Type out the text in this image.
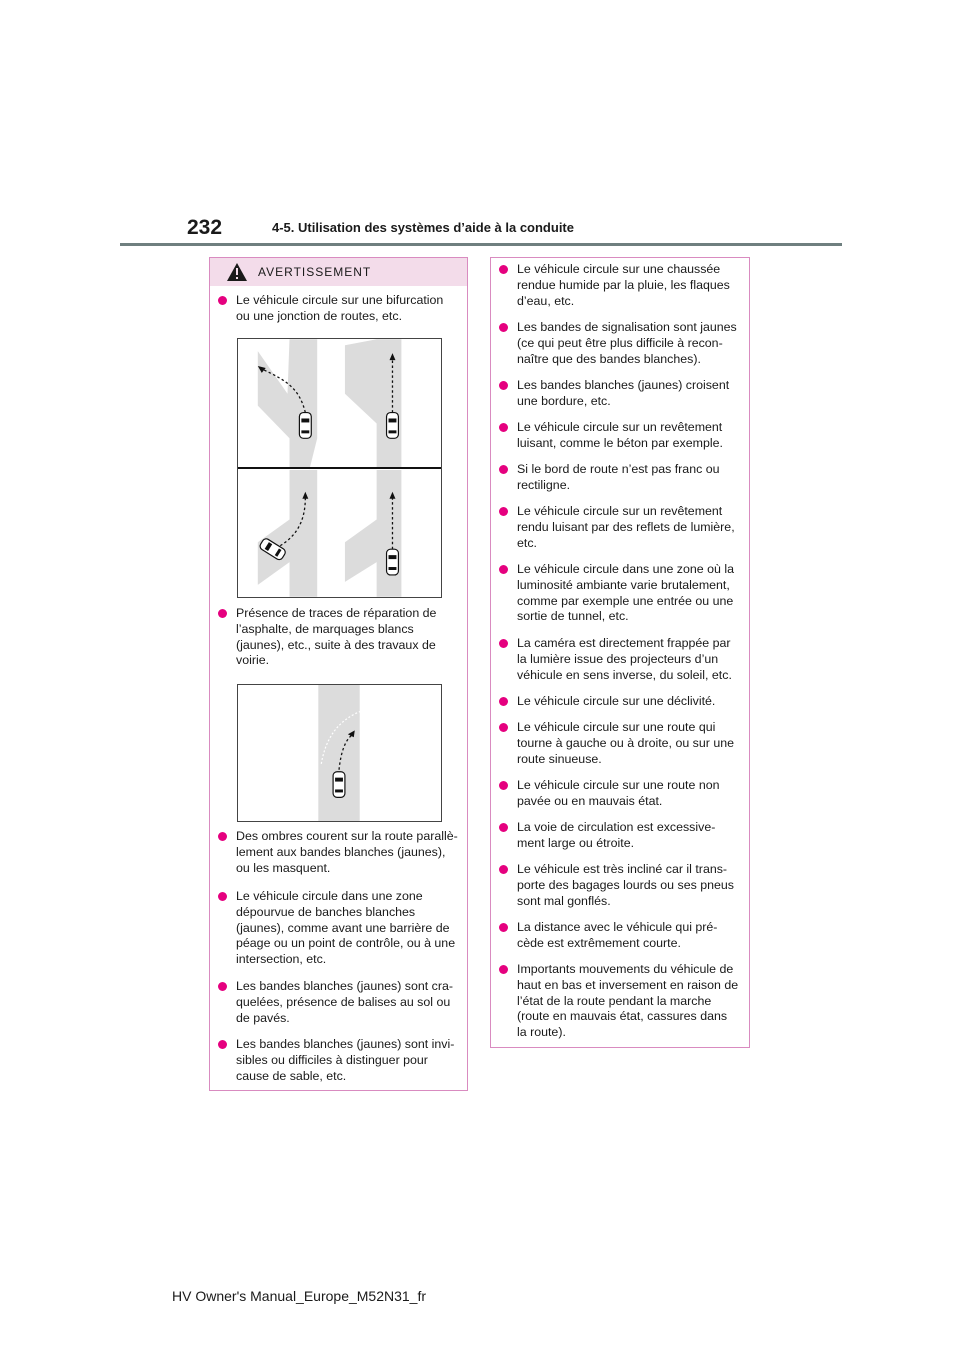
232	4-5. Utilisation des systèmes d’aide à la conduite
AVERTISSEMENT
Le véhicule circule sur une bifurcation
ou une jonction de routes, etc.
Présence de traces de réparation de
l’asphalte, de marquages blancs
(jaunes), etc., suite à des travaux de
voirie.
Des ombres courent sur la route parallè-
lement aux bandes blanches (jaunes),
ou les masquent.
Le véhicule circule dans une zone
dépourvue de banches blanches
(jaunes), comme avant une barrière de
péage ou un point de contrôle, ou à une
intersection, etc.
Les bandes blanches (jaunes) sont cra-
quelées, présence de balises au sol ou
de pavés.
Les bandes blanches (jaunes) sont invi-
sibles ou difficiles à distinguer pour
cause de sable, etc.
Le véhicule circule sur une chaussée
rendue humide par la pluie, les flaques
d’eau, etc.
Les bandes de signalisation sont jaunes
(ce qui peut être plus difficile à recon-
naître que des bandes blanches).
Les bandes blanches (jaunes) croisent
une bordure, etc.
Le véhicule circule sur un revêtement
luisant, comme le béton par exemple.
Si le bord de route n’est pas franc ou
rectiligne.
Le véhicule circule sur un revêtement
rendu luisant par des reflets de lumière,
etc.
Le véhicule circule dans une zone où la
luminosité ambiante varie brutalement,
comme par exemple une entrée ou une
sortie de tunnel, etc.
La caméra est directement frappée par
la lumière issue des projecteurs d’un
véhicule en sens inverse, du soleil, etc.
Le véhicule circule sur une déclivité.
Le véhicule circule sur une route qui
tourne à gauche ou à droite, ou sur une
route sinueuse.
Le véhicule circule sur une route non
pavée ou en mauvais état.
La voie de circulation est excessive-
ment large ou étroite.
Le véhicule est très incliné car il trans-
porte des bagages lourds ou ses pneus
sont mal gonflés.
La distance avec le véhicule qui pré-
cède est extrêmement courte.
Importants mouvements du véhicule de
haut en bas et inversement en raison de
l’état de la route pendant la marche
(route en mauvais état, cassures dans
la route).
HV Owner's Manual_Europe_M52N31_fr
